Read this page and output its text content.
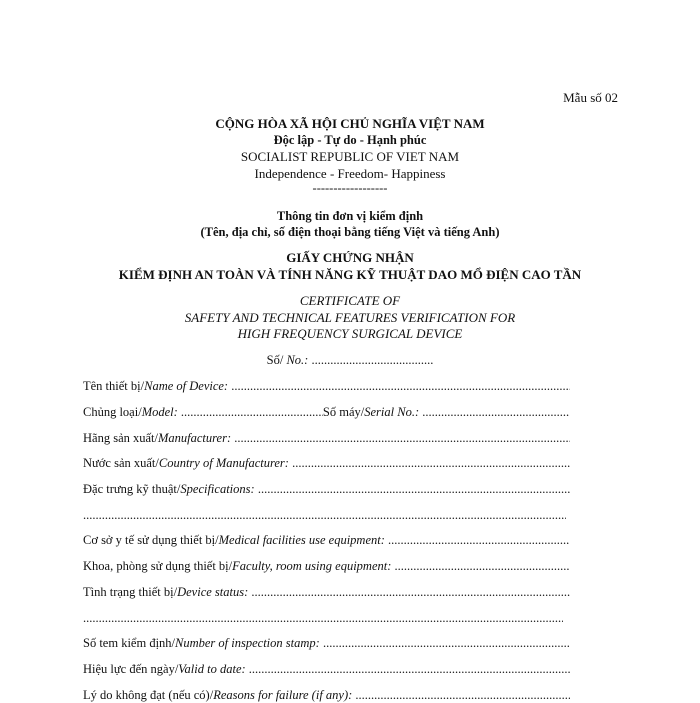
Mẫu số 02
CỘNG HÒA XÃ HỘI CHỦ NGHĨA VIỆT NAM
Độc lập - Tự do - Hạnh phúc
SOCIALIST REPUBLIC OF VIET NAM
Independence - Freedom- Happiness
------------------
Thông tin đơn vị kiểm định
(Tên, địa chỉ, số điện thoại bằng tiếng Việt và tiếng Anh)
GIẤY CHỨNG NHẬN
KIỂM ĐỊNH AN TOÀN VÀ TÍNH NĂNG KỸ THUẬT DAO MỔ ĐIỆN CAO TẦN
CERTIFICATE OF
SAFETY AND TECHNICAL FEATURES VERIFICATION FOR
HIGH FREQUENCY SURGICAL DEVICE
Số/ No.: .......................................
Tên thiết bị/ Name of Device:

.....
Chủng loại/ Model:

.....	Số máy/ Serial No.:

.....
Hãng sản xuất/ Manufacturer:

.....
Nước sản xuất/ Country of Manufacturer:

.....
Đặc trưng kỹ thuật/ Specifications:

.....
.....
Cơ sở y tế sử dụng thiết bị/ Medical facilities use equipment:

.....
Khoa, phòng sử dụng thiết bị/ Faculty, room using equipment:

.....
Tình trạng thiết bị/ Device status:

.....
.....
Số tem kiểm định/ Number of inspection stamp:

.....
Hiệu lực đến ngày/ Valid to date:

.....
Lý do không đạt (nếu có)/ Reasons for failure (if any):

.....
